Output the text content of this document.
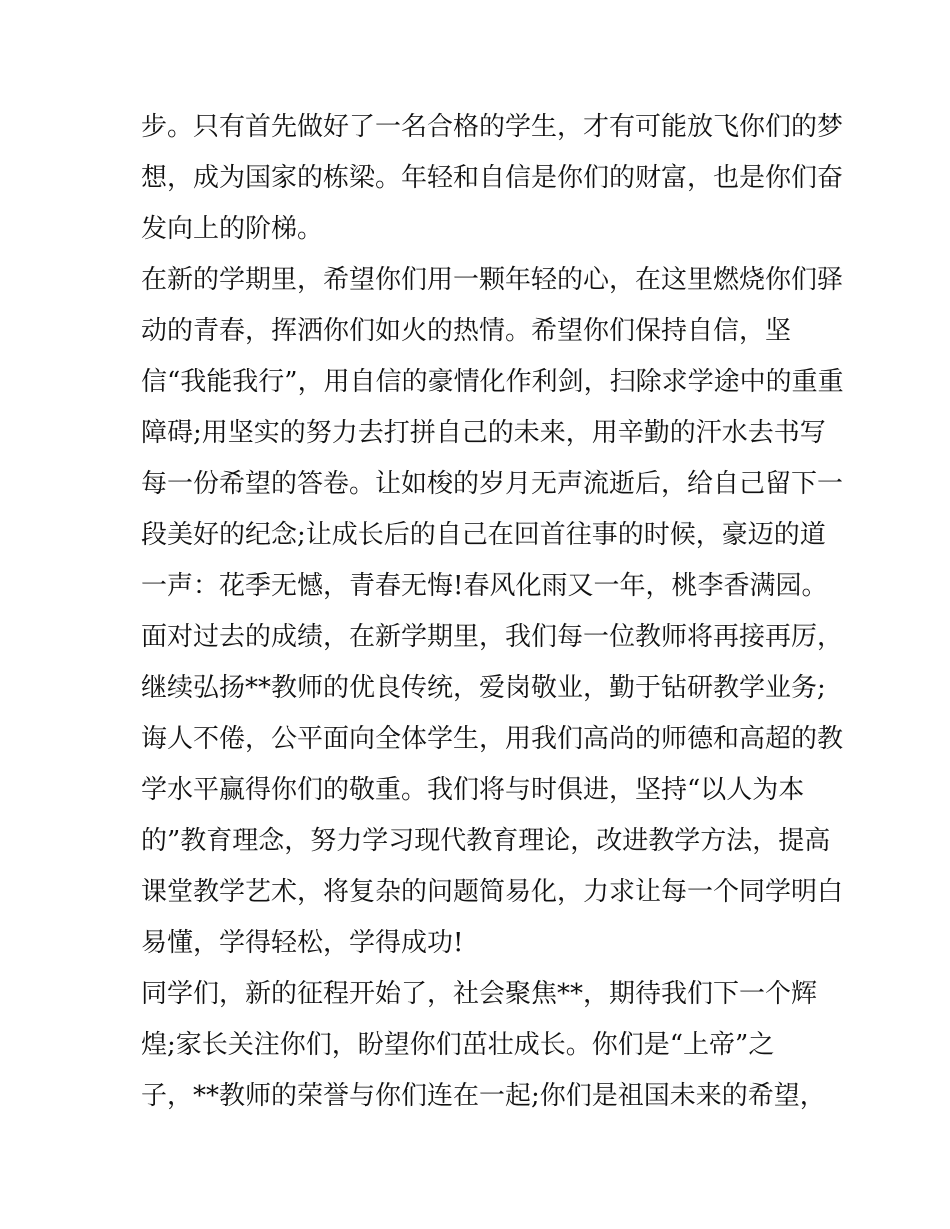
步。只有首先做好了一名合格的学生，才有可能放飞你们的梦
想，成为国家的栋梁。年轻和自信是你们的财富，也是你们奋
发向上的阶梯。
在新的学期里，希望你们用一颗年轻的心，在这里燃烧你们驿
动的青春，挥洒你们如火的热情。希望你们保持自信，坚
信“我能我行”，用自信的豪情化作利剑，扫除求学途中的重重
障碍;用坚实的努力去打拼自己的未来，用辛勤的汗水去书写
每一份希望的答卷。让如梭的岁月无声流逝后，给自己留下一
段美好的纪念;让成长后的自己在回首往事的时候，豪迈的道
一声：花季无憾，青春无悔!春风化雨又一年，桃李香满园。
面对过去的成绩，在新学期里，我们每一位教师将再接再厉，
继续弘扬**教师的优良传统，爱岗敬业，勤于钻研教学业务;
诲人不倦，公平面向全体学生，用我们高尚的师德和高超的教
学水平赢得你们的敬重。我们将与时俱进，坚持“以人为本
的”教育理念，努力学习现代教育理论，改进教学方法，提高
课堂教学艺术，将复杂的问题简易化，力求让每一个同学明白
易懂，学得轻松，学得成功!
同学们，新的征程开始了，社会聚焦**，期待我们下一个辉
煌;家长关注你们，盼望你们茁壮成长。你们是“上帝”之
子，**教师的荣誉与你们连在一起;你们是祖国未来的希望，
